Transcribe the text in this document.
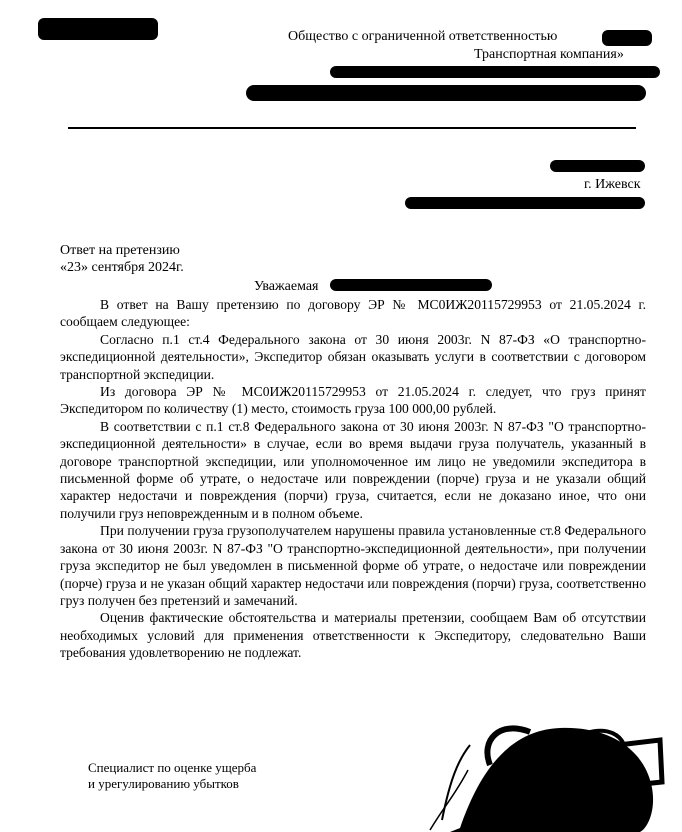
Общество с ограниченной ответственностью
Транспортная компания»
г. Ижевск
Ответ на претензию
«23» сентября 2024г.
Уважаемая

В ответ на Вашу претензию по договору ЭР № МС0ИЖ20115729953 от 21.05.2024 г. сообщаем следующее:

Согласно п.1 ст.4 Федерального закона от 30 июня 2003г. N 87-ФЗ «О транспортно-экспедиционной деятельности», Экспедитор обязан оказывать услуги в соответствии с договором транспортной экспедиции.

Из договора ЭР № МС0ИЖ20115729953 от 21.05.2024 г. следует, что груз принят Экспедитором по количеству (1) место, стоимость груза 100 000,00 рублей.

В соответствии с п.1 ст.8 Федерального закона от 30 июня 2003г. N 87-ФЗ "О транспортно-экспедиционной деятельности» в случае, если во время выдачи груза получатель, указанный в договоре транспортной экспедиции, или уполномоченное им лицо не уведомили экспедитора в письменной форме об утрате, о недостаче или повреждении (порче) груза и не указали общий характер недостачи и повреждения (порчи) груза, считается, если не доказано иное, что они получили груз неповрежденным и в полном объеме.

При получении груза грузополучателем нарушены правила установленные ст.8 Федерального закона от 30 июня 2003г. N 87-ФЗ "О транспортно-экспедиционной деятельности», при получении груза экспедитор не был уведомлен в письменной форме об утрате, о недостаче или повреждении (порче) груза и не указан общий характер недостачи или повреждения (порчи) груза, соответственно груз получен без претензий и замечаний.

Оценив фактические обстоятельства и материалы претензии, сообщаем Вам об отсутствии необходимых условий для применения ответственности к Экспедитору, следовательно Ваши требования удовлетворению не подлежат.

Специалист по оценке ущерба
и урегулированию убытков
